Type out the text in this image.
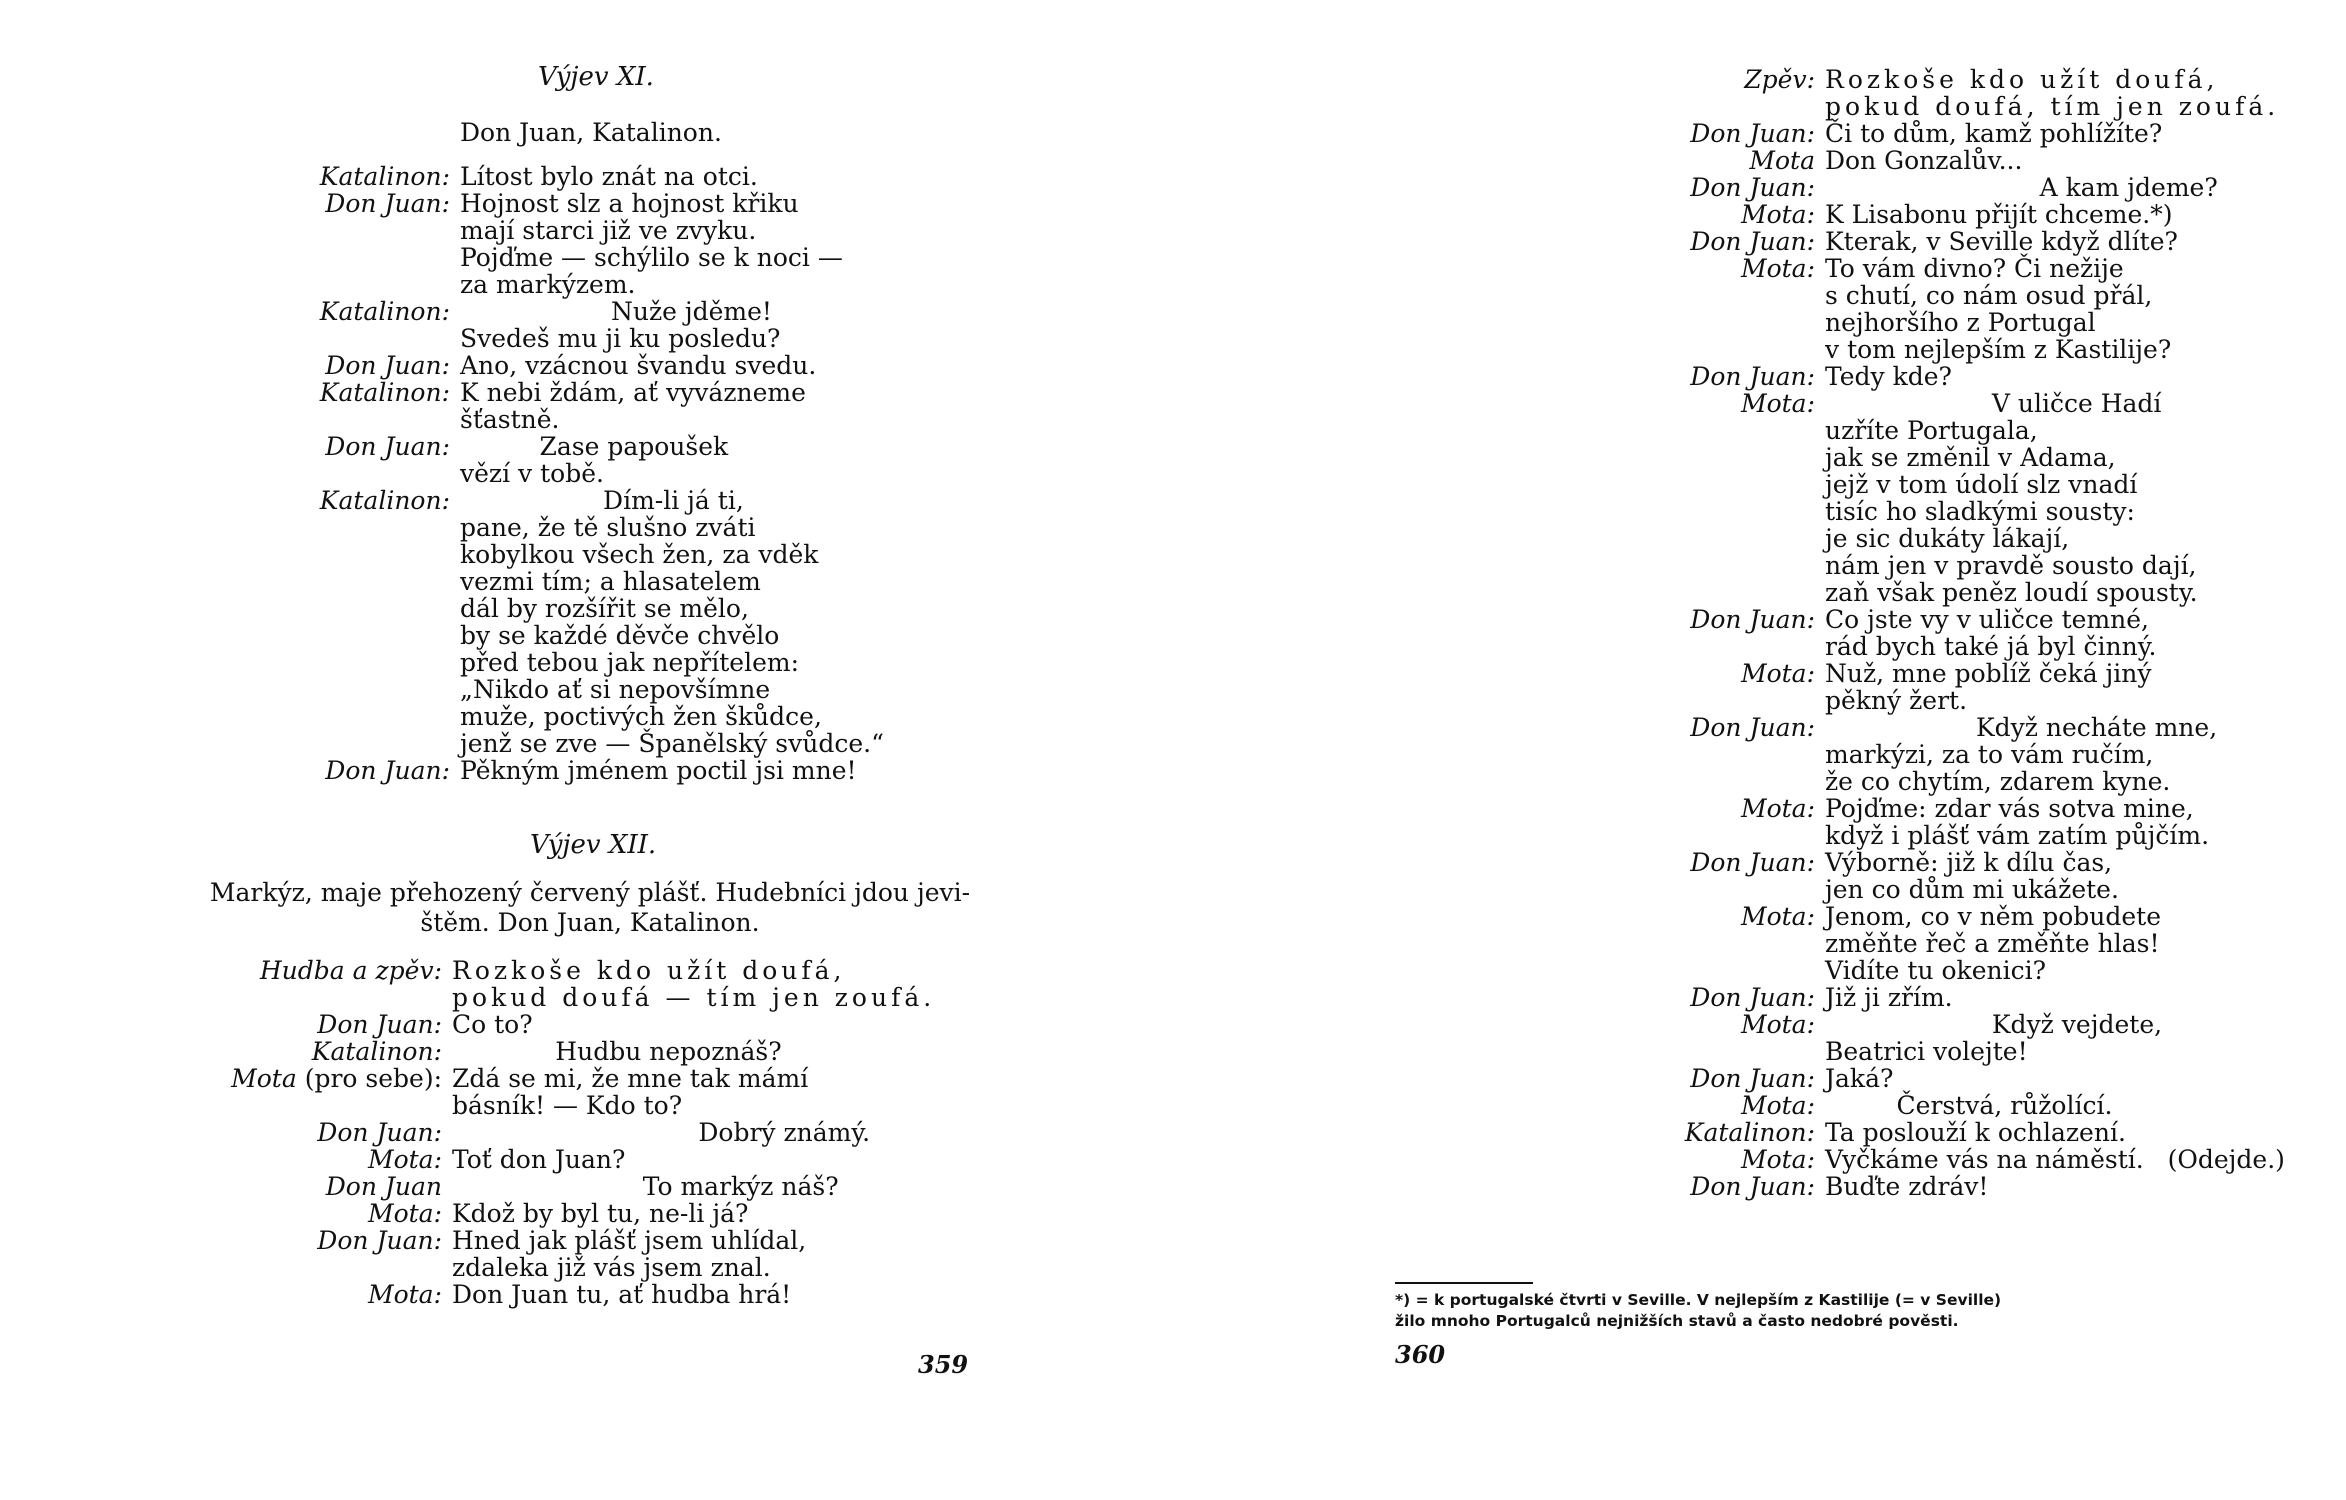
Výjev XI.
Don Juan, Katalinon.
Katalinon: Lítost bylo znát na otci.
Don Juan: Hojnost slz a hojnost křiku
mají starci již ve zvyku.
Pojďme — schýlilo se k noci —
za markýzem.
Katalinon: Nuže jděme!
Svedeš mu ji ku posledu?
Don Juan: Ano, vzácnou švandu svedu.
Katalinon: K nebi ždám, ať vyvázneme
šťastně.
Don Juan: Zase papoušek
vězí v tobě.
Katalinon: Dím-li já ti,
pane, že tě slušno zváti
kobylkou všech žen, za vděk
vezmi tím; a hlasatelem
dál by rozšířit se mělo,
by se každé děvče chvělo
před tebou jak nepřítelem:
„Nikdo ať si nepovšímne
muže, poctivých žen škůdce,
jenž se zve — Španělský svůdce.“
Don Juan: Pěkným jménem poctil jsi mne!
Výjev XII.
Markýz, maje přehozený červený plášť. Hudebníci jdou jevi-
štěm. Don Juan, Katalinon.
Hudba a zpěv: Rozkoše kdo užít doufá,
pokud doufá — tím jen zoufá.
Don Juan: Co to?
Katalinon: Hudbu nepoznáš?
Mota (pro sebe): Zdá se mi, že mne tak mámí
básník! — Kdo to?
Don Juan: Dobrý známý.
Mota: Toť don Juan?
Don Juan To markýz náš?
Mota: Kdož by byl tu, ne-li já?
Don Juan: Hned jak plášť jsem uhlídal,
zdaleka již vás jsem znal.
Mota: Don Juan tu, ať hudba hrá!
359
Zpěv: Rozkoše kdo užít doufá,
pokud doufá, tím jen zoufá.
Don Juan: Či to dům, kamž pohlížíte?
Mota Don Gonzalův...
Don Juan: A kam jdeme?
Mota: K Lisabonu přijít chceme.*)
Don Juan: Kterak, v Seville když dlíte?
Mota: To vám divno? Či nežije
s chutí, co nám osud přál,
nejhoršího z Portugal
v tom nejlepším z Kastilije?
Don Juan: Tedy kde?
Mota: V uličce Hadí
uzříte Portugala,
jak se změnil v Adama,
jejž v tom údolí slz vnadí
tisíc ho sladkými sousty:
je sic dukáty lákají,
nám jen v pravdě sousto dají,
zaň však peněz loudí spousty.
Don Juan: Co jste vy v uličce temné,
rád bych také já byl činný.
Mota: Nuž, mne poblíž čeká jiný
pěkný žert.
Don Juan: Když necháte mne,
markýzi, za to vám ručím,
že co chytím, zdarem kyne.
Mota: Pojďme: zdar vás sotva mine,
když i plášť vám zatím půjčím.
Don Juan: Výborně: již k dílu čas,
jen co dům mi ukážete.
Mota: Jenom, co v něm pobudete
změňte řeč a změňte hlas!
Vidíte tu okenici?
Don Juan: Již ji zřím.
Mota: Když vejdete,
Beatrici volejte!
Don Juan: Jaká?
Mota: Čerstvá, růžolící.
Katalinon: Ta poslouží k ochlazení.
Mota: Vyčkáme vás na náměstí.   (Odejde.)
Don Juan: Buďte zdráv!
*) = k portugalské čtvrti v Seville. V nejlepším z Kastilije (= v Seville)
žilo mnoho Portugalců nejnižších stavů a často nedobré pověsti.
360
